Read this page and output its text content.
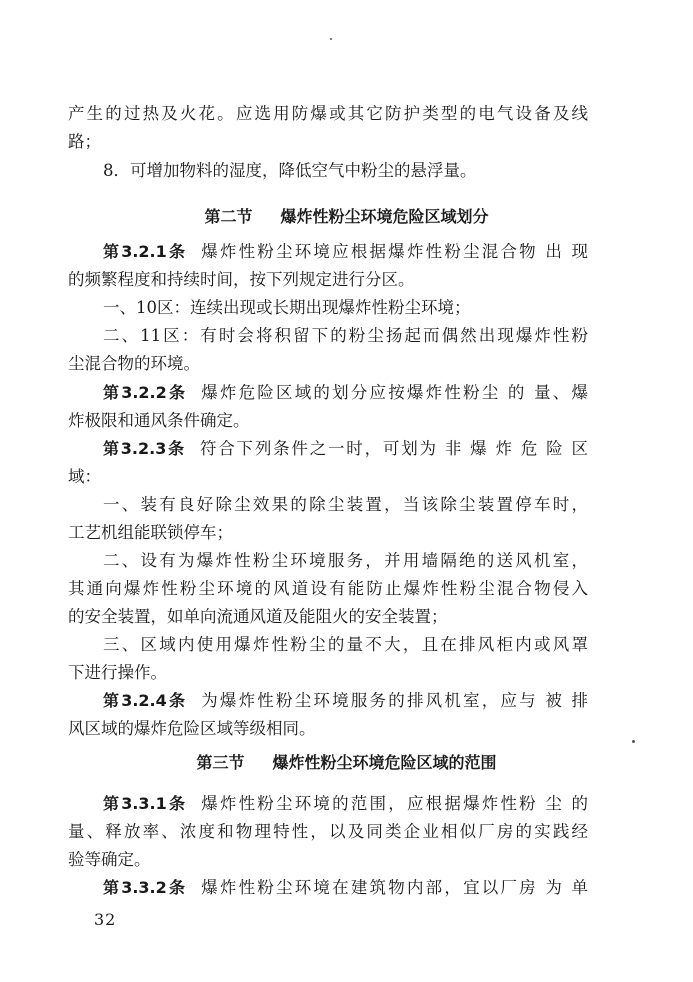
产生的过热及火花。应选用防爆或其它防护类型的电气设备及线
路；
8．可增加物料的湿度，降低空气中粉尘的悬浮量。
第二节 爆炸性粉尘环境危险区域划分
第3.2.1条 爆炸性粉尘环境应根据爆炸性粉尘混合物 出 现
的频繁程度和持续时间，按下列规定进行分区。
一、10区：连续出现或长期出现爆炸性粉尘环境；
二、11区：有时会将积留下的粉尘扬起而偶然出现爆炸性粉
尘混合物的环境。
第3.2.2条 爆炸危险区域的划分应按爆炸性粉尘 的 量、爆
炸极限和通风条件确定。
第3.2.3条 符合下列条件之一时，可划为 非 爆 炸 危 险 区
域：
一、装有良好除尘效果的除尘装置，当该除尘装置停车时，
工艺机组能联锁停车；
二、设有为爆炸性粉尘环境服务，并用墙隔绝的送风机室，
其通向爆炸性粉尘环境的风道设有能防止爆炸性粉尘混合物侵入
的安全装置，如单向流通风道及能阻火的安全装置；
三、区域内使用爆炸性粉尘的量不大，且在排风柜内或风罩
下进行操作。
第3.2.4条 为爆炸性粉尘环境服务的排风机室，应与 被 排
风区域的爆炸危险区域等级相同。
第三节 爆炸性粉尘环境危险区域的范围
第3.3.1条 爆炸性粉尘环境的范围，应根据爆炸性粉 尘 的
量、释放率、浓度和物理特性，以及同类企业相似厂房的实践经
验等确定。
第3.3.2条 爆炸性粉尘环境在建筑物内部，宜以厂房 为 单
32
